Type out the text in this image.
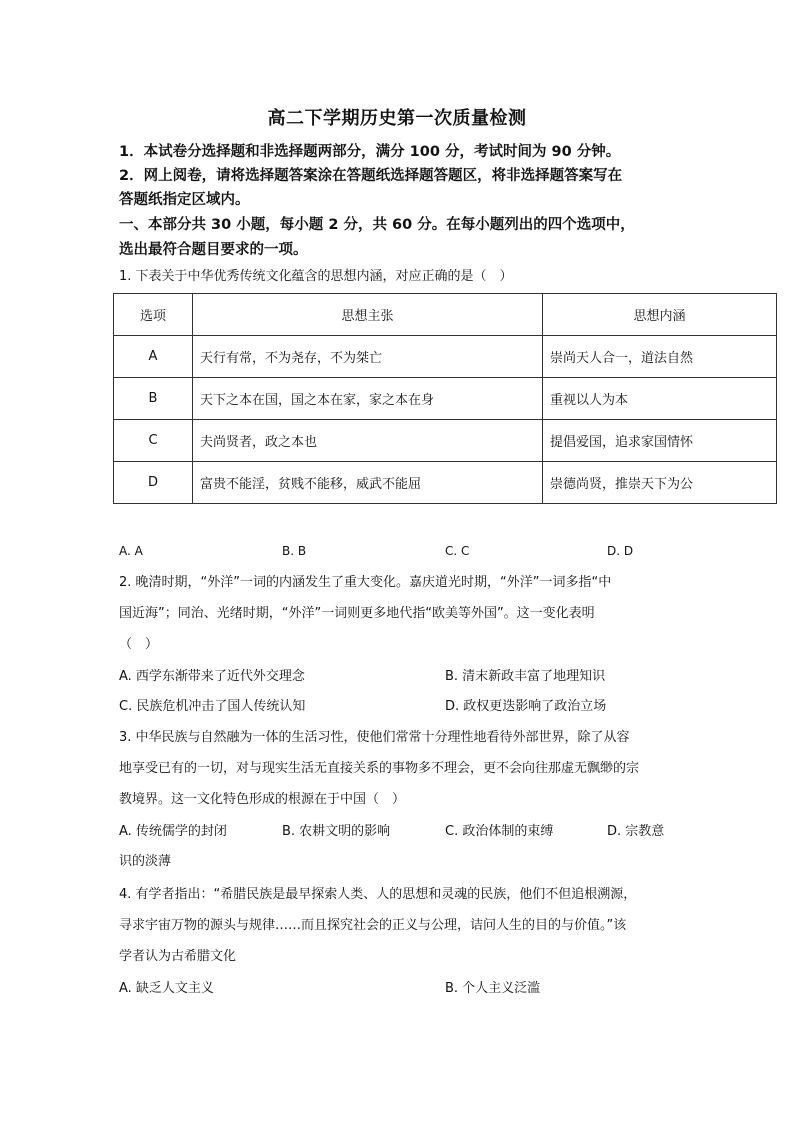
高二下学期历史第一次质量检测
1．本试卷分选择题和非选择题两部分，满分 100 分，考试时间为 90 分钟。
2．网上阅卷，请将选择题答案涂在答题纸选择题答题区，将非选择题答案写在
答题纸指定区域内。
一、本部分共 30 小题，每小题 2 分，共 60 分。在每小题列出的四个选项中，
选出最符合题目要求的一项。
1. 下表关于中华优秀传统文化蕴含的思想内涵，对应正确的是（　）
选项	思想主张	思想内涵
A	天行有常，不为尧存，不为桀亡	崇尚天人合一，道法自然
B	天下之本在国，国之本在家，家之本在身	重视以人为本
C	夫尚贤者，政之本也	提倡爱国，追求家国情怀
D	富贵不能淫，贫贱不能移，威武不能屈	崇德尚贤，推崇天下为公
A. A	B. B	C. C	D. D
2. 晚清时期，“外洋”一词的内涵发生了重大变化。嘉庆道光时期，“外洋”一词多指“中
国近海”；同治、光绪时期，“外洋”一词则更多地代指“欧美等外国”。这一变化表明
（　）
A. 西学东渐带来了近代外交理念	B. 清末新政丰富了地理知识
C. 民族危机冲击了国人传统认知	D. 政权更迭影响了政治立场
3. 中华民族与自然融为一体的生活习性，使他们常常十分理性地看待外部世界，除了从容
地享受已有的一切，对与现实生活无直接关系的事物多不理会，更不会向往那虚无飘缈的宗
教境界。这一文化特色形成的根源在于中国（　）
A. 传统儒学的封闭	B. 农耕文明的影响	C. 政治体制的束缚	D. 宗教意
识的淡薄
4. 有学者指出：“希腊民族是最早探索人类、人的思想和灵魂的民族，他们不但追根溯源，
寻求宇宙万物的源头与规律……而且探究社会的正义与公理，诘问人生的目的与价值。”该
学者认为古希腊文化
A. 缺乏人文主义	B. 个人主义泛滥
